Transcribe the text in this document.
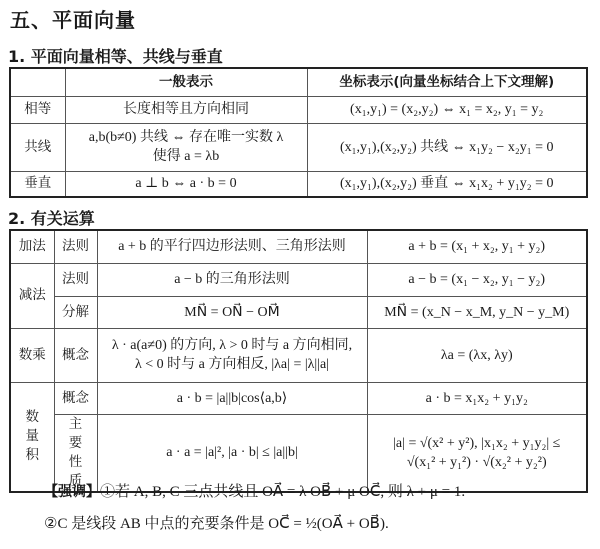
五、平面向量
1. 平面向量相等、共线与垂直
	一般表示	坐标表示(向量坐标结合上下文理解)
相等	长度相等且方向相同	(x₁,y₁) = (x₂,y₂) ⇔ x₁ = x₂, y₁ = y₂
共线	a,b(b≠0) 共线 ⇔ 存在唯一实数 λ
使得 a = λb	(x₁,y₁),(x₂,y₂) 共线 ⇔ x₁y₂ − x₂y₁ = 0
垂直	a ⊥ b ⇔ a · b = 0	(x₁,y₁),(x₂,y₂) 垂直 ⇔ x₁x₂ + y₁y₂ = 0
2. 有关运算
加法	法则	a + b 的平行四边形法则、三角形法则	a + b = (x₁ + x₂, y₁ + y₂)
减法	法则	a − b 的三角形法则	a − b = (x₁ − x₂, y₁ − y₂)
	分解	MN⃗ = ON⃗ − OM⃗	MN⃗ = (x_N − x_M, y_N − y_M)
数乘	概念	λ · a(a≠0) 的方向, λ > 0 时与 a 方向相同,
λ < 0 时与 a 方向相反, |λa| = |λ||a|	λa = (λx, λy)
数量积	概念	a · b = |a||b|cos⟨a,b⟩	a · b = x₁x₂ + y₁y₂
	主要性质	a · a = |a|², |a · b| ≤ |a||b|	|a| = √(x² + y²), |x₁x₂ + y₁y₂| ≤
√(x₁² + y₁²) · √(x₂² + y₂²)
【强调】①若 A, B, C 三点共线且 OA⃗ = λ OB⃗ + μ OC⃗, 则 λ + μ = 1.
②C 是线段 AB 中点的充要条件是 OC⃗ = ½(OA⃗ + OB⃗).
